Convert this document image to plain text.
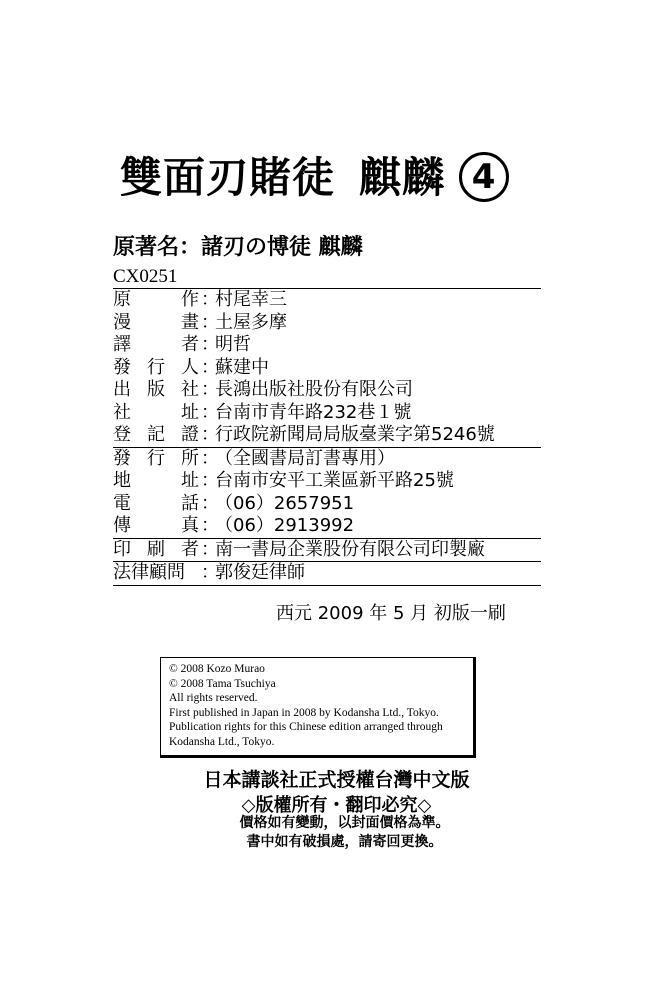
雙面刃賭徒 麒麟 4
原著名：諸刃の博徒 麒麟
CX0251
原	作 ：
村尾幸三
漫	畫 ：
土屋多摩
譯	者 ：
明哲
發 行 人 ：
蘇建中
出 版 社 ：
長鴻出版社股份有限公司
社	址 ：
台南市青年路232巷１號
登 記 證 ：
行政院新聞局局版臺業字第5246號
發 行 所 ：
（全國書局訂書專用）
地	址 ：
台南市安平工業區新平路25號
電	話 ：
（06）2657951
傳	真 ：
（06）2913992
印 刷 者 ：
南一書局企業股份有限公司印製廠
法律顧問 ：
郭俊廷律師
西元 2009 年 5 月 初版一刷
© 2008 Kozo Murao
© 2008 Tama Tsuchiya
All rights reserved.
First published in Japan in 2008 by Kodansha Ltd., Tokyo.
Publication rights for this Chinese edition arranged through
Kodansha Ltd., Tokyo.
日本講談社正式授權台灣中文版
◇版權所有・翻印必究◇
價格如有變動，以封面價格為準。
書中如有破損處，請寄回更換。
